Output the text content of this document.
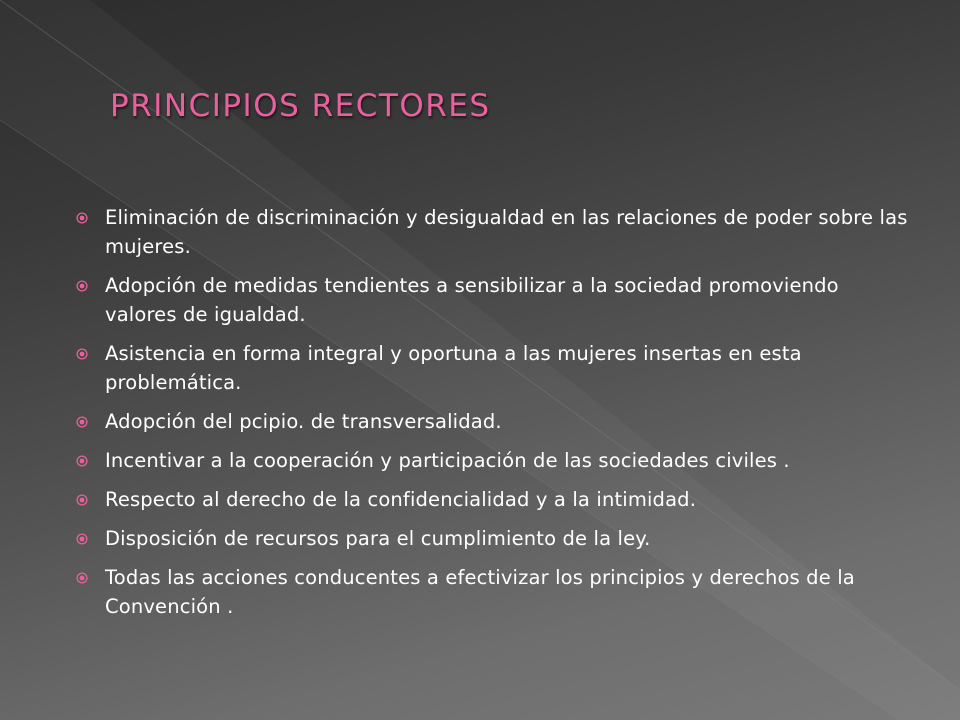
PRINCIPIOS RECTORES
Eliminación de discriminación y desigualdad en las relaciones de poder sobre las mujeres.
Adopción de medidas tendientes a sensibilizar a la sociedad promoviendo valores de igualdad.
Asistencia en forma integral y oportuna a las mujeres insertas en esta problemática.
Adopción del pcipio. de transversalidad.
Incentivar a la cooperación y participación de las sociedades civiles .
Respecto al derecho de la confidencialidad y a la intimidad.
Disposición de recursos para el cumplimiento de la ley.
Todas las acciones conducentes a efectivizar los principios y derechos de la Convención .
